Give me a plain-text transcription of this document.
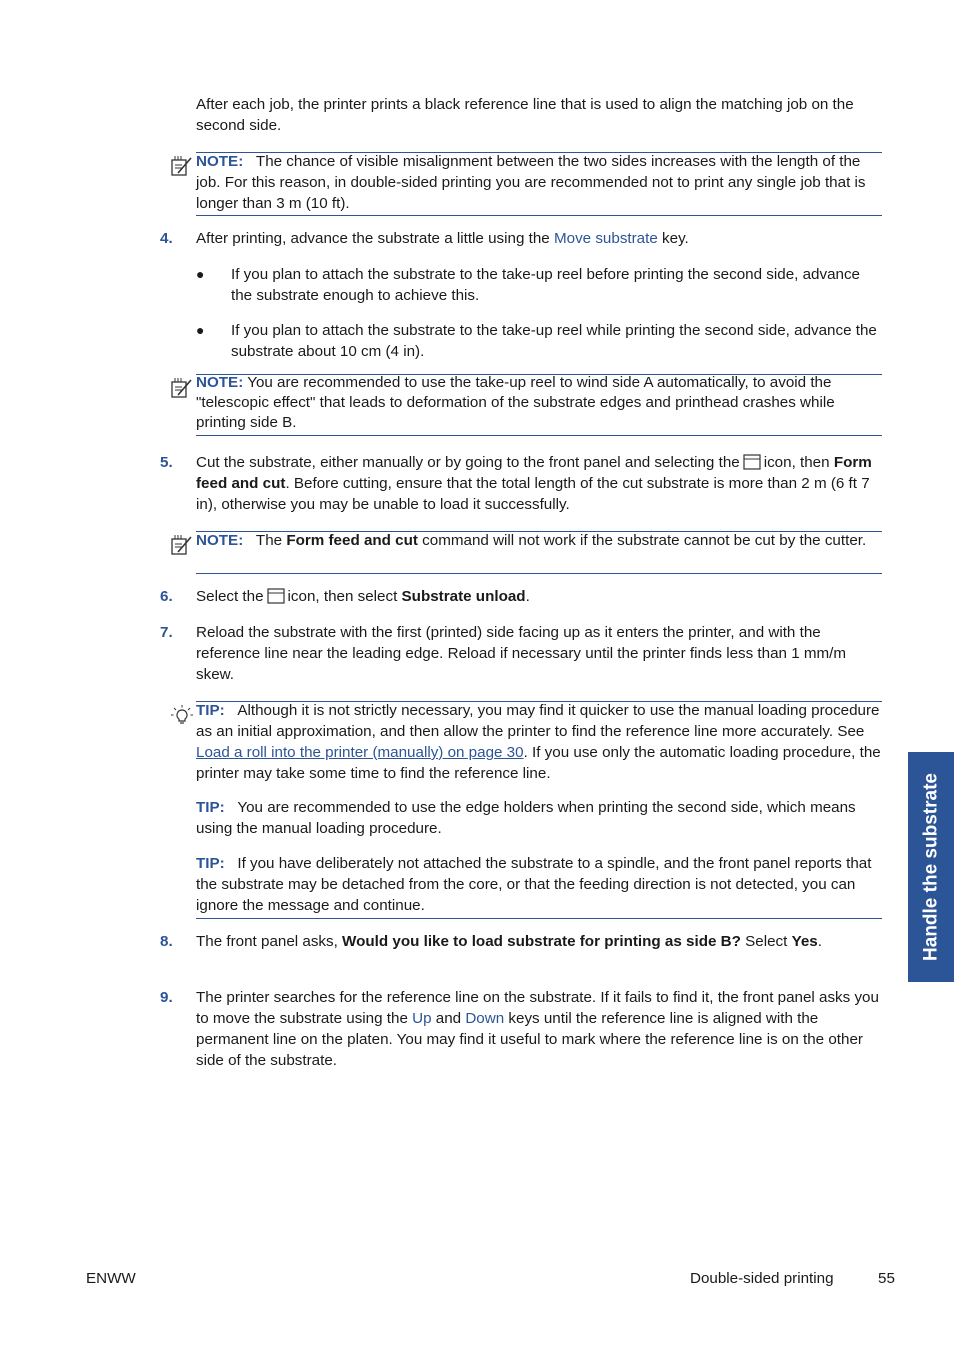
After each job, the printer prints a black reference line that is used to align the matching job on the second side.

NOTE: The chance of visible misalignment between the two sides increases with the length of the job. For this reason, in double-sided printing you are recommended not to print any single job that is longer than 3 m (10 ft).

4. After printing, advance the substrate a little using the Move substrate key.

● If you plan to attach the substrate to the take-up reel before printing the second side, advance the substrate enough to achieve this.

● If you plan to attach the substrate to the take-up reel while printing the second side, advance the substrate about 10 cm (4 in).

NOTE: You are recommended to use the take-up reel to wind side A automatically, to avoid the "telescopic effect" that leads to deformation of the substrate edges and printhead crashes while printing side B.

5. Cut the substrate, either manually or by going to the front panel and selecting the icon, then Form feed and cut. Before cutting, ensure that the total length of the cut substrate is more than 2 m (6 ft 7 in), otherwise you may be unable to load it successfully.

NOTE: The Form feed and cut command will not work if the substrate cannot be cut by the cutter.

6. Select the icon, then select Substrate unload.

7. Reload the substrate with the first (printed) side facing up as it enters the printer, and with the reference line near the leading edge. Reload if necessary until the printer finds less than 1 mm/m skew.

TIP: Although it is not strictly necessary, you may find it quicker to use the manual loading procedure as an initial approximation, and then allow the printer to find the reference line more accurately. See Load a roll into the printer (manually) on page 30. If you use only the automatic loading procedure, the printer may take some time to find the reference line.

TIP: You are recommended to use the edge holders when printing the second side, which means using the manual loading procedure.

TIP: If you have deliberately not attached the substrate to a spindle, and the front panel reports that the substrate may be detached from the core, or that the feeding direction is not detected, you can ignore the message and continue.

8. The front panel asks, Would you like to load substrate for printing as side B? Select Yes.

9. The printer searches for the reference line on the substrate. If it fails to find it, the front panel asks you to move the substrate using the Up and Down keys until the reference line is aligned with the permanent line on the platen. You may find it useful to mark where the reference line is on the other side of the substrate.

Handle the substrate
ENWW	Double-sided printing	55
